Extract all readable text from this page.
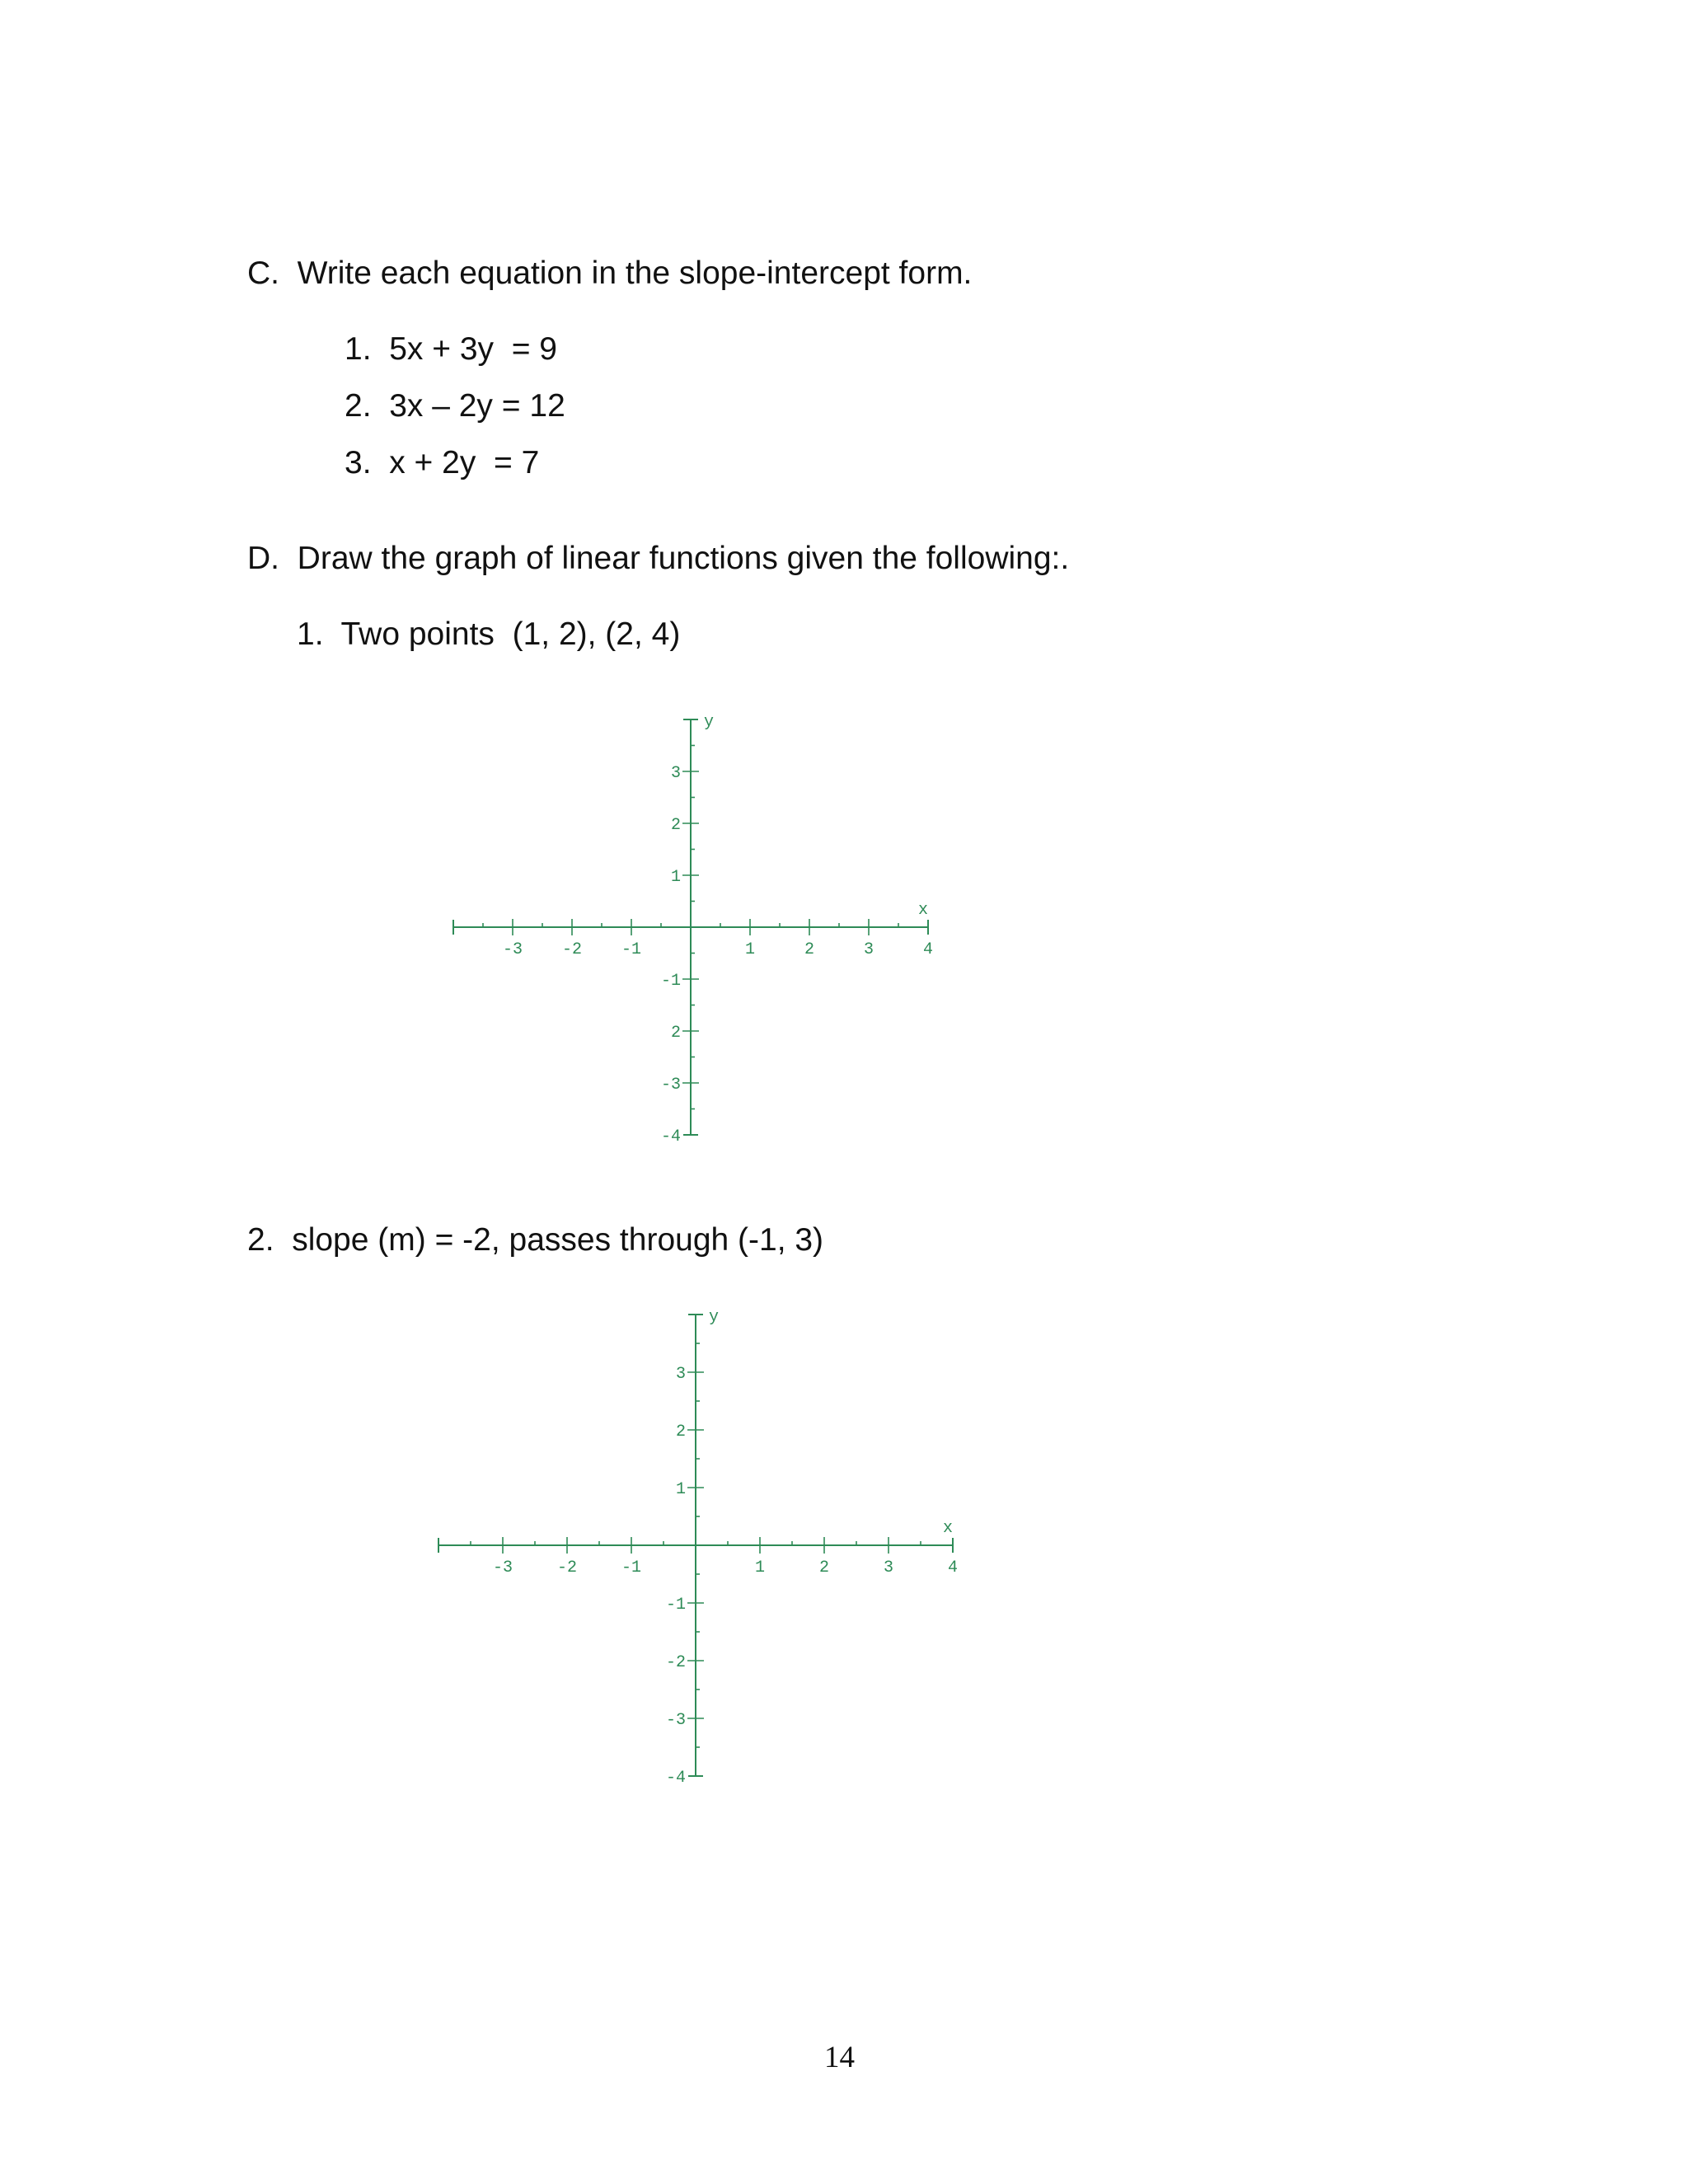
C.  Write each equation in the slope-intercept form.
1.  5x + 3y  = 9
2.  3x – 2y = 12
3.  x + 2y  = 7
D.  Draw the graph of linear functions given the following:.
1.  Two points  (1, 2), (2, 4)
-3 -2 -1	1	2	3	4
3
2
1
-1
2
-3
-4
x
y
2.  slope (m) = -2, passes through (-1, 3)
-3	-2	-1	1	2	3	4
3
2
1
-1
-2
-3
-4
x
y
14
